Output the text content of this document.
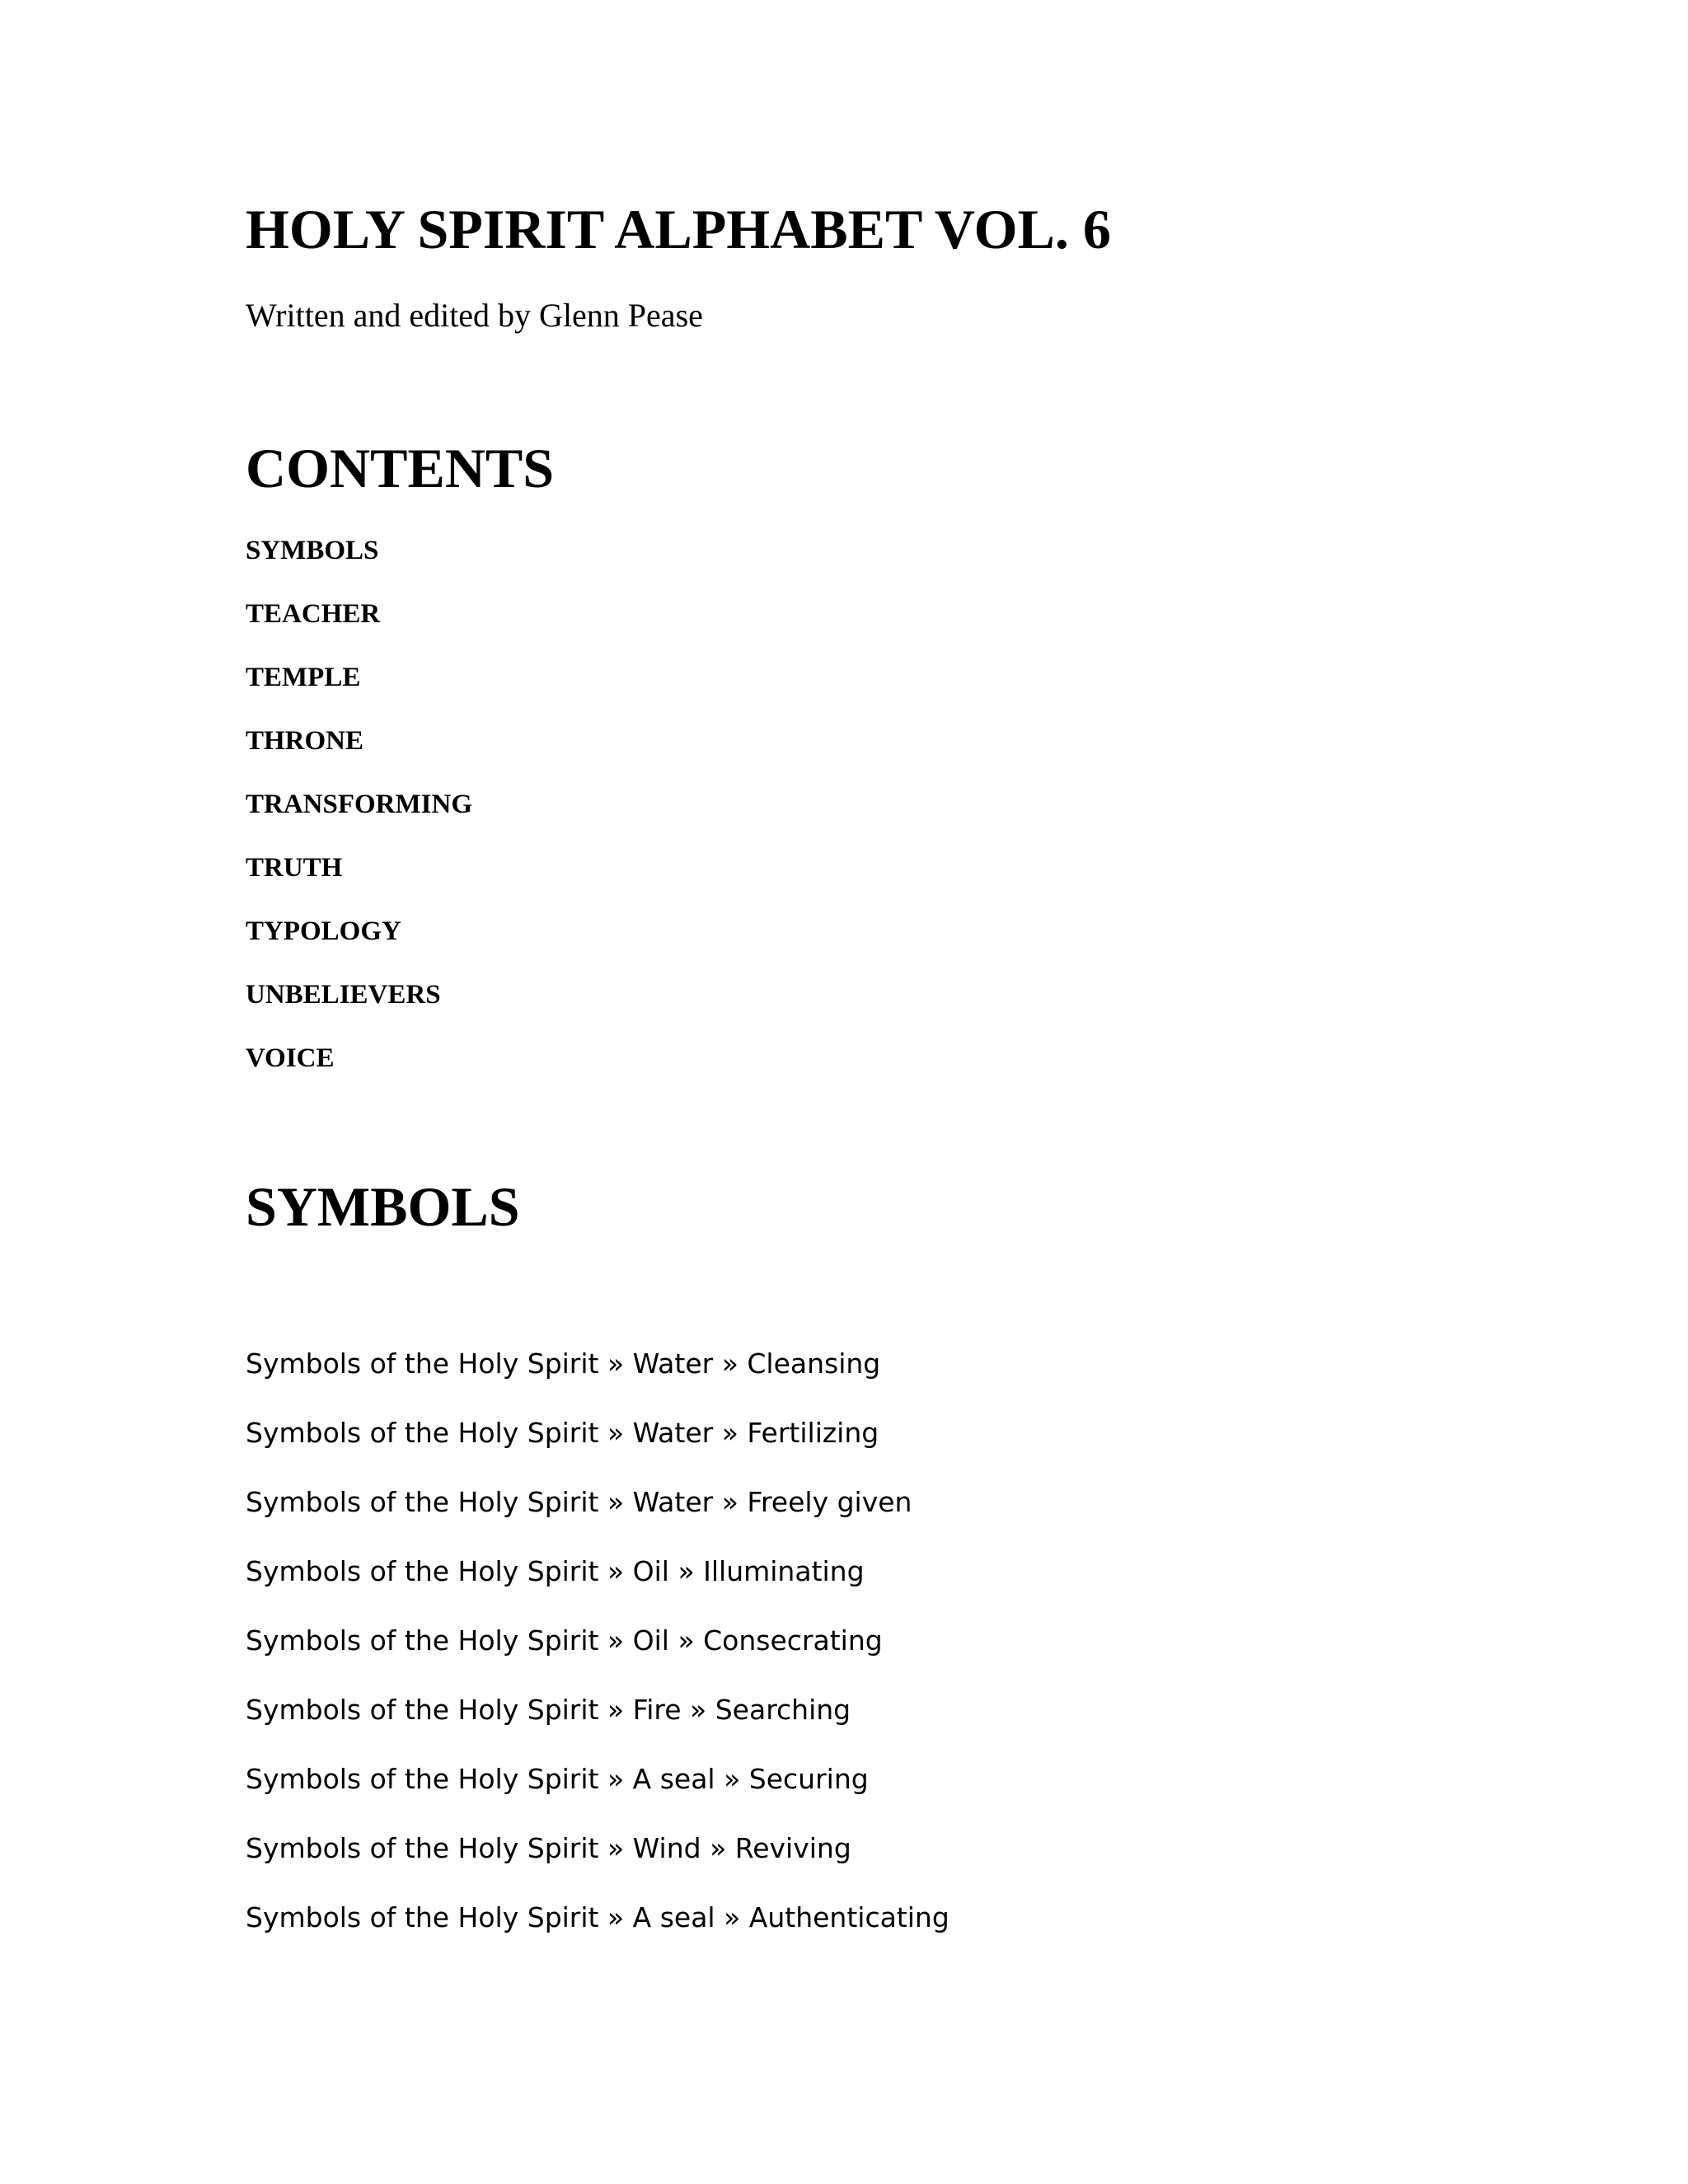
HOLY SPIRIT ALPHABET VOL. 6

Written and edited by Glenn Pease

CONTENTS
SYMBOLS
TEACHER
TEMPLE
THRONE
TRANSFORMING
TRUTH
TYPOLOGY
UNBELIEVERS
VOICE
SYMBOLS
Symbols of the Holy Spirit » Water » Cleansing
Symbols of the Holy Spirit » Water » Fertilizing
Symbols of the Holy Spirit » Water » Freely given
Symbols of the Holy Spirit » Oil » Illuminating
Symbols of the Holy Spirit » Oil » Consecrating
Symbols of the Holy Spirit » Fire » Searching
Symbols of the Holy Spirit » A seal » Securing
Symbols of the Holy Spirit » Wind » Reviving
Symbols of the Holy Spirit » A seal » Authenticating
